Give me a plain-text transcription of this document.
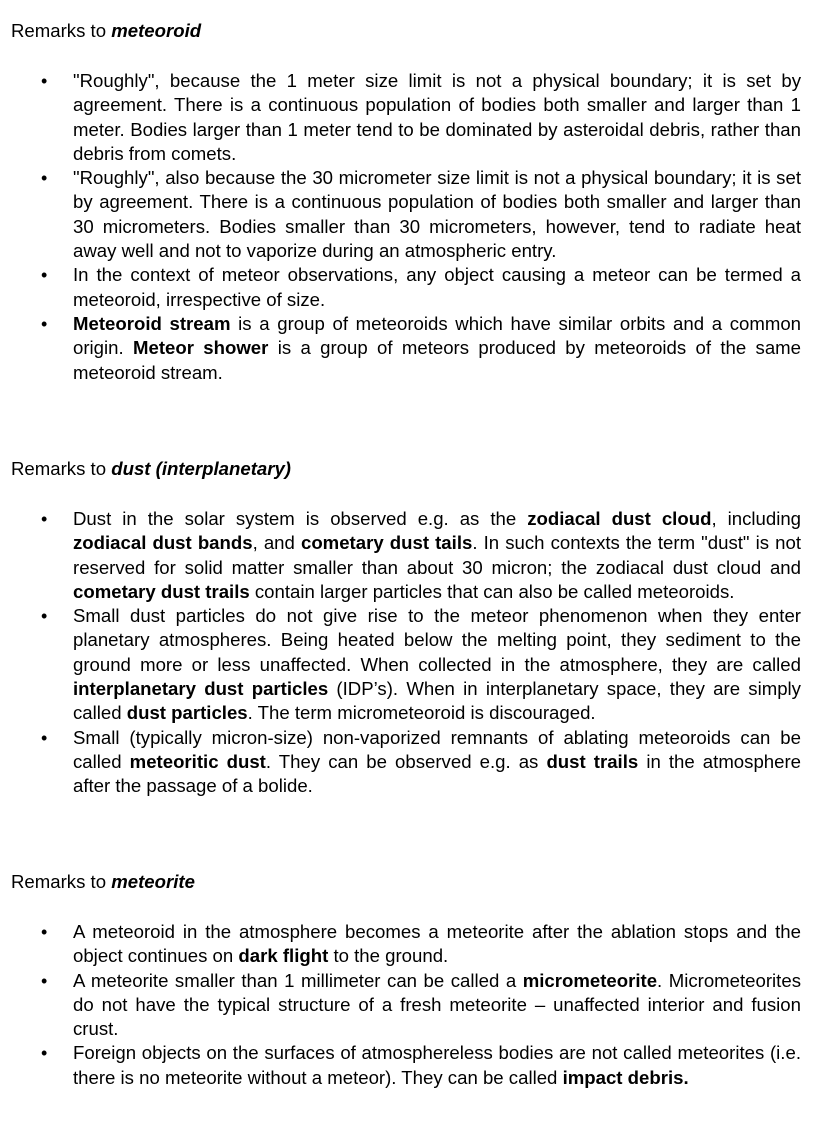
Remarks to meteoroid
• "Roughly", because the 1 meter size limit is not a physical boundary; it is set by agreement. There is a continuous population of bodies both smaller and larger than 1 meter. Bodies larger than 1 meter tend to be dominated by asteroidal debris, rather than debris from comets.
• "Roughly", also because the 30 micrometer size limit is not a physical boundary; it is set by agreement. There is a continuous population of bodies both smaller and larger than 30 micrometers. Bodies smaller than 30 micrometers, however, tend to radiate heat away well and not to vaporize during an atmospheric entry.
• In the context of meteor observations, any object causing a meteor can be termed a meteoroid, irrespective of size.
• Meteoroid stream is a group of meteoroids which have similar orbits and a common origin. Meteor shower is a group of meteors produced by meteoroids of the same meteoroid stream.
Remarks to dust (interplanetary)
• Dust in the solar system is observed e.g. as the zodiacal dust cloud, including zodiacal dust bands, and cometary dust tails. In such contexts the term "dust" is not reserved for solid matter smaller than about 30 micron; the zodiacal dust cloud and cometary dust trails contain larger particles that can also be called meteoroids.
• Small dust particles do not give rise to the meteor phenomenon when they enter planetary atmospheres. Being heated below the melting point, they sediment to the ground more or less unaffected. When collected in the atmosphere, they are called interplanetary dust particles (IDP’s). When in interplanetary space, they are simply called dust particles. The term micrometeoroid is discouraged.
• Small (typically micron-size) non-vaporized remnants of ablating meteoroids can be called meteoritic dust. They can be observed e.g. as dust trails in the atmosphere after the passage of a bolide.
Remarks to meteorite
• A meteoroid in the atmosphere becomes a meteorite after the ablation stops and the object continues on dark flight to the ground.
• A meteorite smaller than 1 millimeter can be called a micrometeorite. Micrometeorites do not have the typical structure of a fresh meteorite – unaffected interior and fusion crust.
• Foreign objects on the surfaces of atmosphereless bodies are not called meteorites (i.e. there is no meteorite without a meteor). They can be called impact debris.
